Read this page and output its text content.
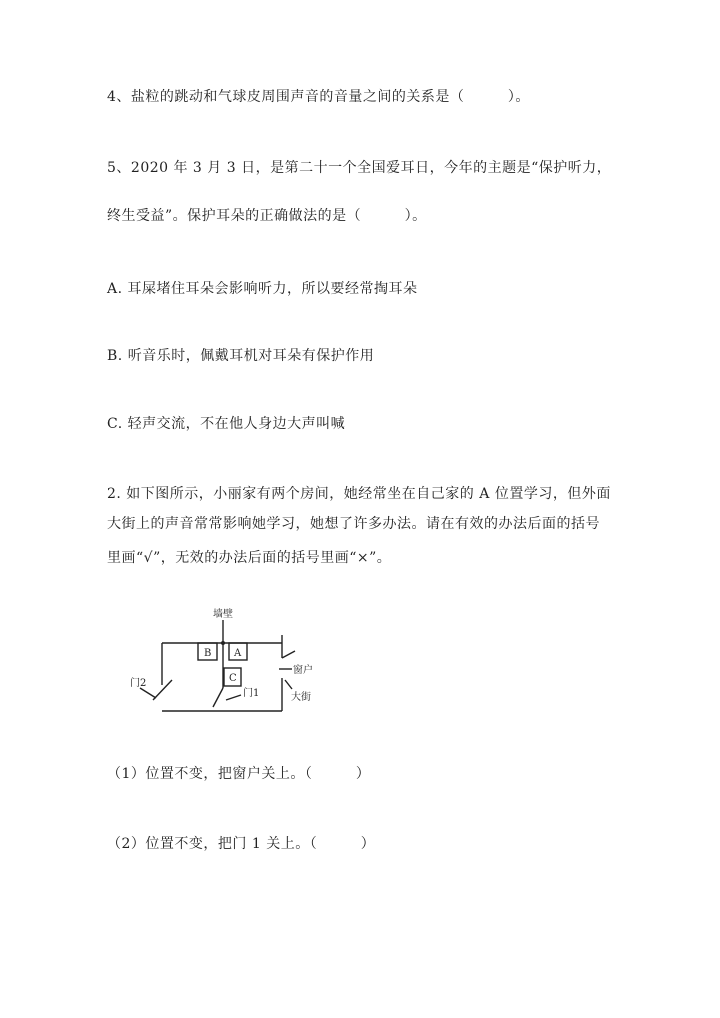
4、盐粒的跳动和气球皮周围声音的音量之间的关系是（　　　）。
5、2020 年 3 月 3 日，是第二十一个全国爱耳日，今年的主题是“保护听力，
终生受益”。保护耳朵的正确做法的是（　　　）。
A. 耳屎堵住耳朵会影响听力，所以要经常掏耳朵
B. 听音乐时，佩戴耳机对耳朵有保护作用
C. 轻声交流，不在他人身边大声叫喊
2. 如下图所示，小丽家有两个房间，她经常坐在自己家的 A 位置学习，但外面
大街上的声音常常影响她学习，她想了许多办法。请在有效的办法后面的括号
里画“√”，无效的办法后面的括号里画“×”。
墙壁
B A
C
门1
门2
窗户
大街
（1）位置不变，把窗户关上。（　　　）
（2）位置不变，把门 1 关上。（　　　）
